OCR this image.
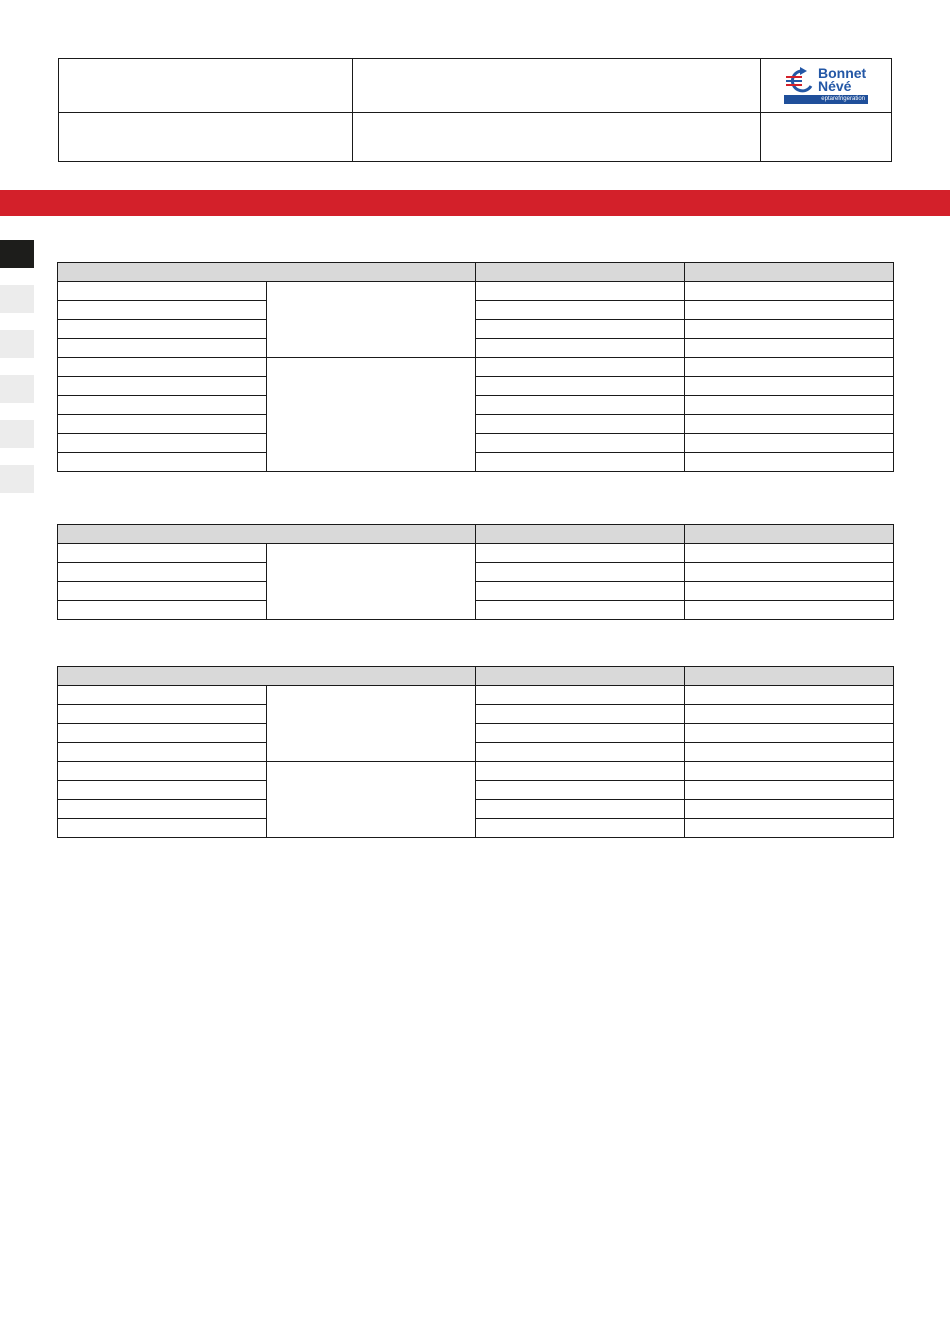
Bonnet
Névé
eptarefrigeration
